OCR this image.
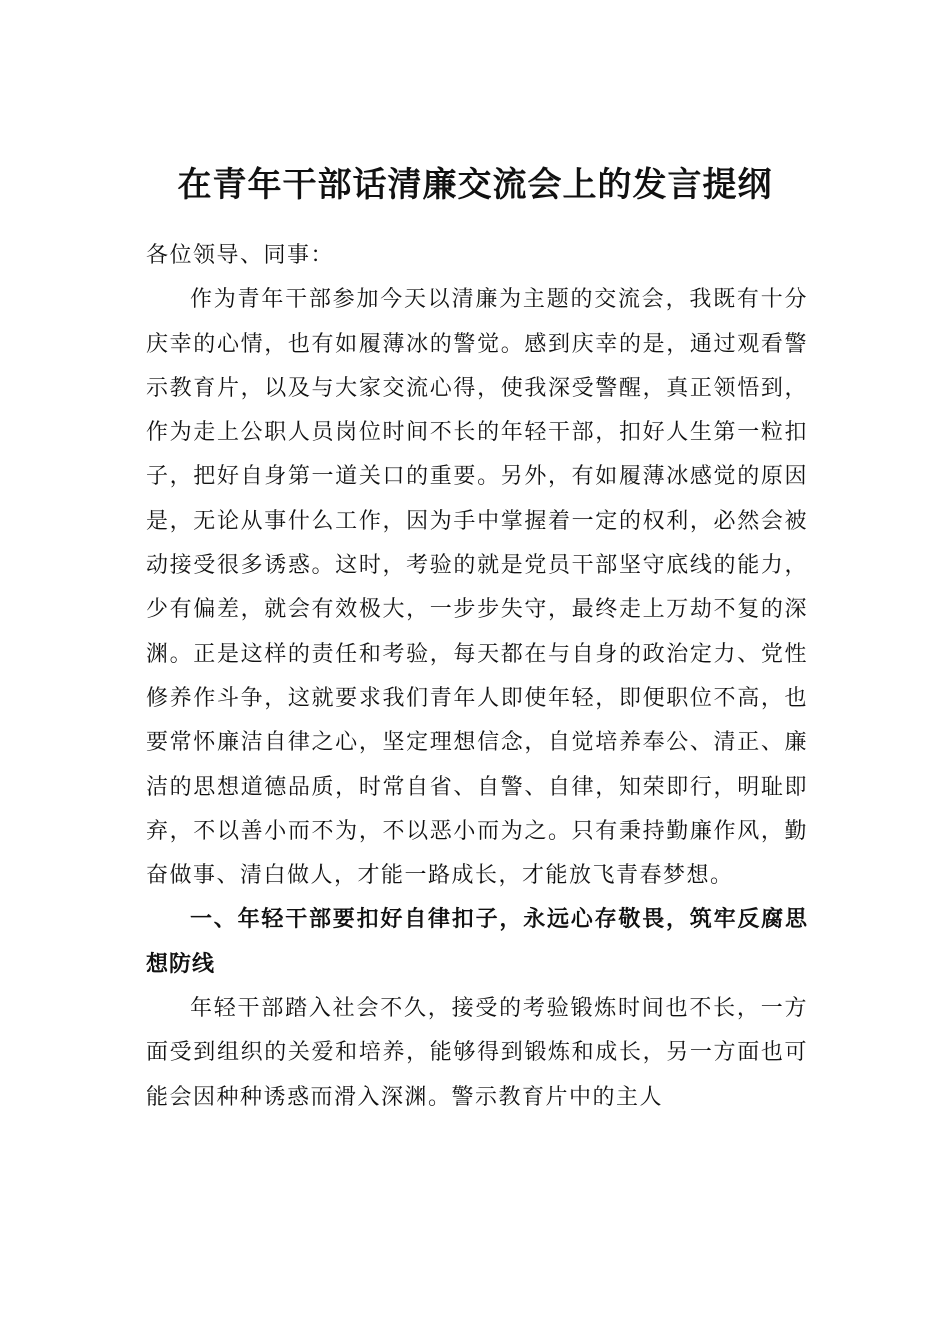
在青年干部话清廉交流会上的发言提纲

各位领导、同事：

作为青年干部参加今天以清廉为主题的交流会，我既有十分庆幸的心情，也有如履薄冰的警觉。感到庆幸的是，通过观看警示教育片，以及与大家交流心得，使我深受警醒，真正领悟到，作为走上公职人员岗位时间不长的年轻干部，扣好人生第一粒扣子，把好自身第一道关口的重要。另外，有如履薄冰感觉的原因是，无论从事什么工作，因为手中掌握着一定的权利，必然会被动接受很多诱惑。这时，考验的就是党员干部坚守底线的能力，少有偏差，就会有效极大，一步步失守，最终走上万劫不复的深渊。正是这样的责任和考验，每天都在与自身的政治定力、党性修养作斗争，这就要求我们青年人即使年轻，即便职位不高，也要常怀廉洁自律之心，坚定理想信念，自觉培养奉公、清正、廉洁的思想道德品质，时常自省、自警、自律，知荣即行，明耻即弃，不以善小而不为，不以恶小而为之。只有秉持勤廉作风，勤奋做事、清白做人，才能一路成长，才能放飞青春梦想。

一、年轻干部要扣好自律扣子，永远心存敬畏，筑牢反腐思想防线

年轻干部踏入社会不久，接受的考验锻炼时间也不长，一方面受到组织的关爱和培养，能够得到锻炼和成长，另一方面也可能会因种种诱惑而滑入深渊。警示教育片中的主人
